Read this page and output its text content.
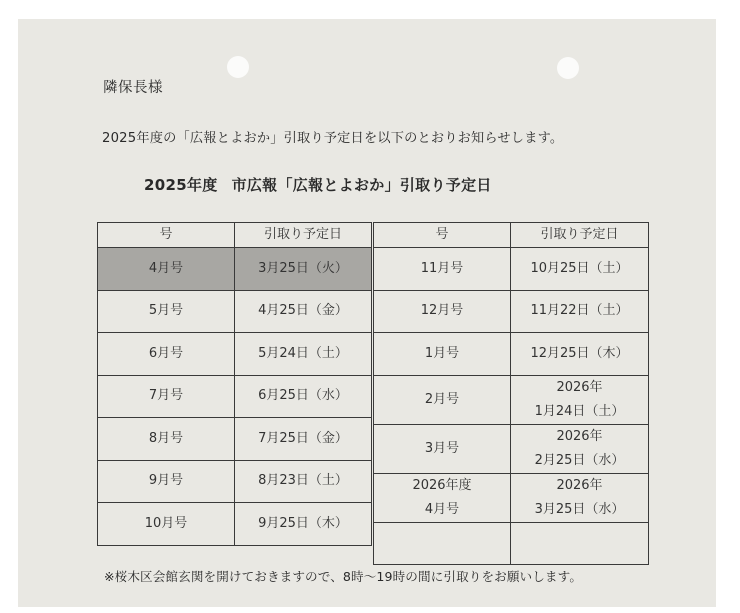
隣保長様
2025年度の「広報とよおか」引取り予定日を以下のとおりお知らせします。
2025年度 市広報「広報とよおか」引取り予定日
号	引取り予定日
4月号	3月25日（火）
5月号	4月25日（金）
6月号	5月24日（土）
7月号	6月25日（水）
8月号	7月25日（金）
9月号	8月23日（土）
10月号	9月25日（木）
号	引取り予定日
11月号	10月25日（土）
12月号	11月22日（土）
1月号	12月25日（木）
2月号	2026年
1月24日（土）

3月号	2026年
2月25日（水）

2026年度
4月号	2026年
3月25日（水）

※桜木区会館玄関を開けておきますので、8時～19時の間に引取りをお願いします。
